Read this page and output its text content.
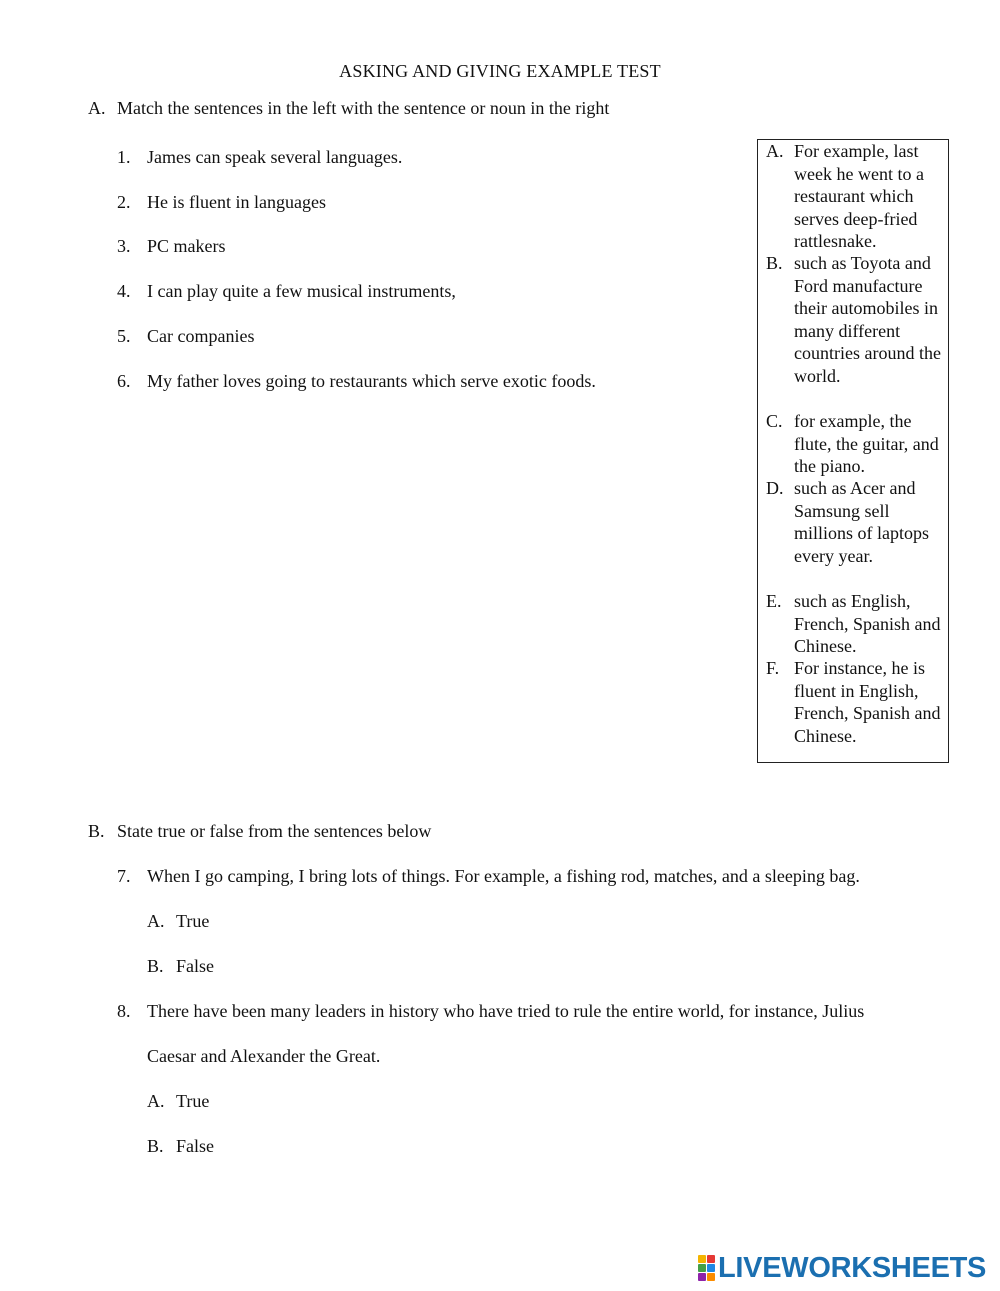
ASKING AND GIVING EXAMPLE TEST
A. Match the sentences in the left with the sentence or noun in the right
1. James can speak several languages.
2. He is fluent in languages
3. PC makers
4. I can play quite a few musical instruments,
5. Car companies
6. My father loves going to restaurants which serve exotic foods.
A. For example, last week he went to a restaurant which serves deep-fried rattlesnake.
B. such as Toyota and Ford manufacture their automobiles in many different countries around the world.
C. for example, the flute, the guitar, and the piano.
D. such as Acer and Samsung sell millions of laptops every year.
E. such as English, French, Spanish and Chinese.
F. For instance, he is fluent in English, French, Spanish and Chinese.
B. State true or false from the sentences below
7. When I go camping, I bring lots of things. For example, a fishing rod, matches, and a sleeping bag.
A. True
B. False
8. There have been many leaders in history who have tried to rule the entire world, for instance, Julius
Caesar and Alexander the Great.
A. True
B. False
LIVEWORKSHEETS
